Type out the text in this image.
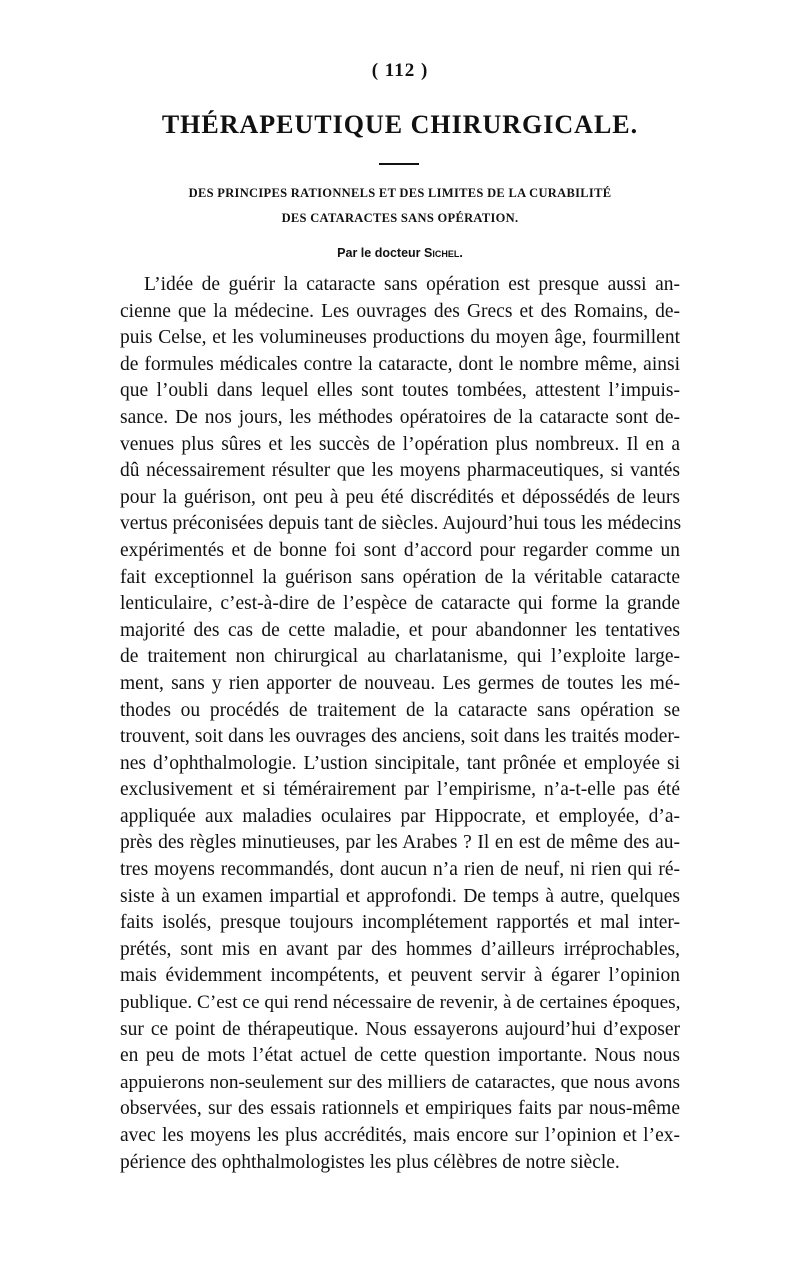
( 112 )
THÉRAPEUTIQUE CHIRURGICALE.
DES PRINCIPES RATIONNELS ET DES LIMITES DE LA CURABILITÉ
DES CATARACTES SANS OPÉRATION.
Par le docteur Sichel.
L’idée de guérir la cataracte sans opération est presque aussi an-
cienne que la médecine. Les ouvrages des Grecs et des Romains, de-
puis Celse, et les volumineuses productions du moyen âge, fourmillent
de formules médicales contre la cataracte, dont le nombre même, ainsi
que l’oubli dans lequel elles sont toutes tombées, attestent l’impuis-
sance. De nos jours, les méthodes opératoires de la cataracte sont de-
venues plus sûres et les succès de l’opération plus nombreux. Il en a
dû nécessairement résulter que les moyens pharmaceutiques, si vantés
pour la guérison, ont peu à peu été discrédités et dépossédés de leurs
vertus préconisées depuis tant de siècles. Aujourd’hui tous les médecins
expérimentés et de bonne foi sont d’accord pour regarder comme un
fait exceptionnel la guérison sans opération de la véritable cataracte
lenticulaire, c’est-à-dire de l’espèce de cataracte qui forme la grande
majorité des cas de cette maladie, et pour abandonner les tentatives
de traitement non chirurgical au charlatanisme, qui l’exploite large-
ment, sans y rien apporter de nouveau. Les germes de toutes les mé-
thodes ou procédés de traitement de la cataracte sans opération se
trouvent, soit dans les ouvrages des anciens, soit dans les traités moder-
nes d’ophthalmologie. L’ustion sincipitale, tant prônée et employée si
exclusivement et si témérairement par l’empirisme, n’a-t-elle pas été
appliquée aux maladies oculaires par Hippocrate, et employée, d’a-
près des règles minutieuses, par les Arabes ? Il en est de même des au-
tres moyens recommandés, dont aucun n’a rien de neuf, ni rien qui ré-
siste à un examen impartial et approfondi. De temps à autre, quelques
faits isolés, presque toujours incomplétement rapportés et mal inter-
prétés, sont mis en avant par des hommes d’ailleurs irréprochables,
mais évidemment incompétents, et peuvent servir à égarer l’opinion
publique. C’est ce qui rend nécessaire de revenir, à de certaines époques,
sur ce point de thérapeutique. Nous essayerons aujourd’hui d’exposer
en peu de mots l’état actuel de cette question importante. Nous nous
appuierons non-seulement sur des milliers de cataractes, que nous avons
observées, sur des essais rationnels et empiriques faits par nous-même
avec les moyens les plus accrédités, mais encore sur l’opinion et l’ex-
périence des ophthalmologistes les plus célèbres de notre siècle.
